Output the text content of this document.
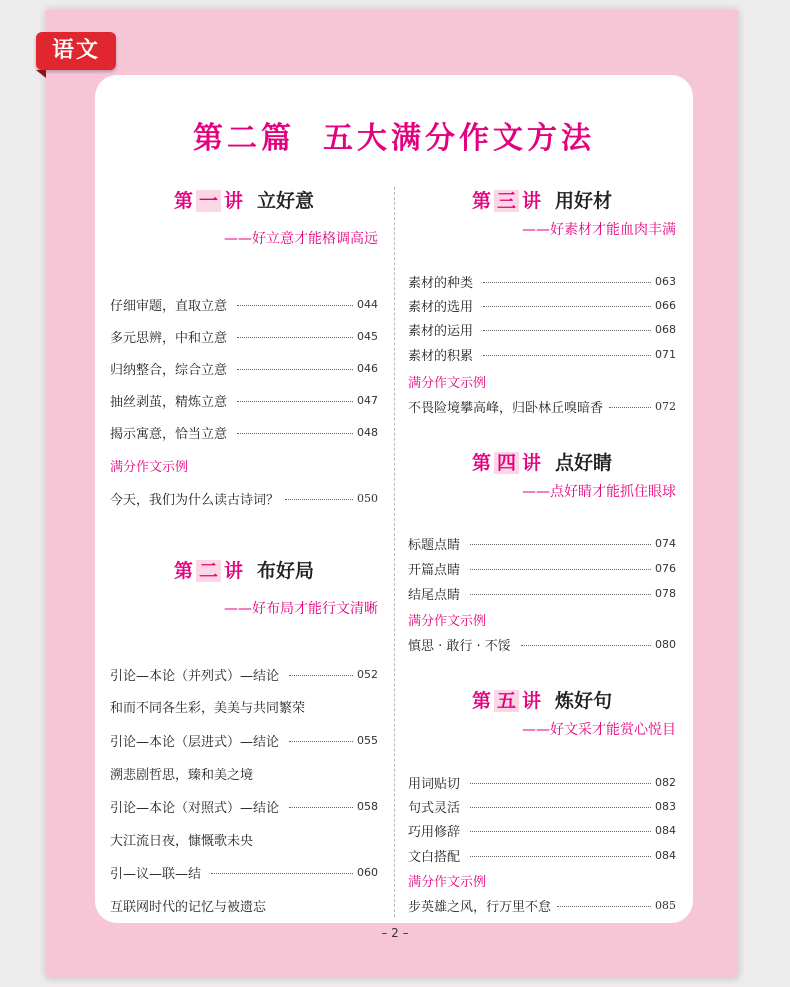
语文
第二篇 五大满分作文方法
第 一 讲 立好意
——好立意才能格调高远
仔细审题，直取立意	044
多元思辨，中和立意	045
归纳整合，综合立意	046
抽丝剥茧，精炼立意	047
揭示寓意，恰当立意	048
满分作文示例
今天，我们为什么读古诗词？	050
第 二 讲 布好局
——好布局才能行文清晰
引论—本论（并列式）—结论	052
和而不同各生彩，美美与共同繁荣
引论—本论（层进式）—结论	055
溯悲剧哲思，臻和美之境
引论—本论（对照式）—结论	058
大江流日夜，慷慨歌未央
引—议—联—结	060
互联网时代的记忆与被遗忘
第 三 讲 用好材
——好素材才能血肉丰满
素材的种类	063
素材的选用	066
素材的运用	068
素材的积累	071
满分作文示例
不畏险境攀高峰，归卧林丘嗅暗香	072
第 四 讲 点好睛
——点好睛才能抓住眼球
标题点睛	074
开篇点睛	076
结尾点睛	078
满分作文示例
慎思 · 敢行 · 不馁	080
第 五 讲 炼好句
——好文采才能赏心悦目
用词贴切	082
句式灵活	083
巧用修辞	084
文白搭配	084
满分作文示例
步英雄之风，行万里不怠	085
– 2 –
